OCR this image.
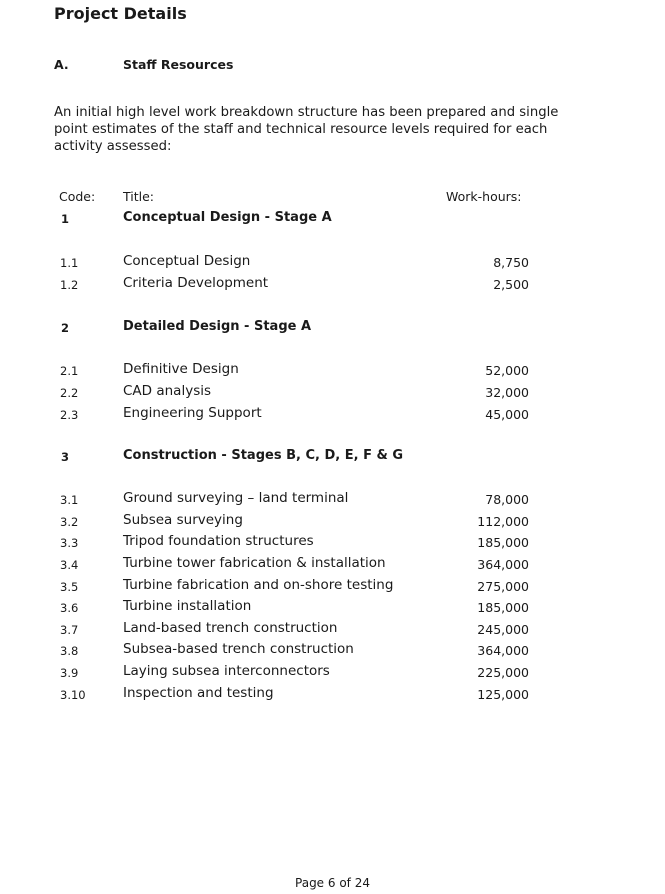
Project Details
A.	Staff Resources
An initial high level work breakdown structure has been prepared and single point estimates of the staff and technical resource levels required for each activity assessed:
Code: Title:	Work-hours:
1	Conceptual Design - Stage A
1.1	Conceptual Design	8,750
1.2	Criteria Development	2,500
2	Detailed Design - Stage A
2.1	Definitive Design	52,000
2.2	CAD analysis	32,000
2.3	Engineering Support	45,000
3	Construction - Stages B, C, D, E, F & G
3.1	Ground surveying – land terminal	78,000
3.2	Subsea surveying	112,000
3.3	Tripod foundation structures	185,000
3.4	Turbine tower fabrication & installation	364,000
3.5	Turbine fabrication and on-shore testing	275,000
3.6	Turbine installation	185,000
3.7	Land-based trench construction	245,000
3.8	Subsea-based trench construction	364,000
3.9	Laying subsea interconnectors	225,000
3.10	Inspection and testing	125,000
Page 6 of 24
